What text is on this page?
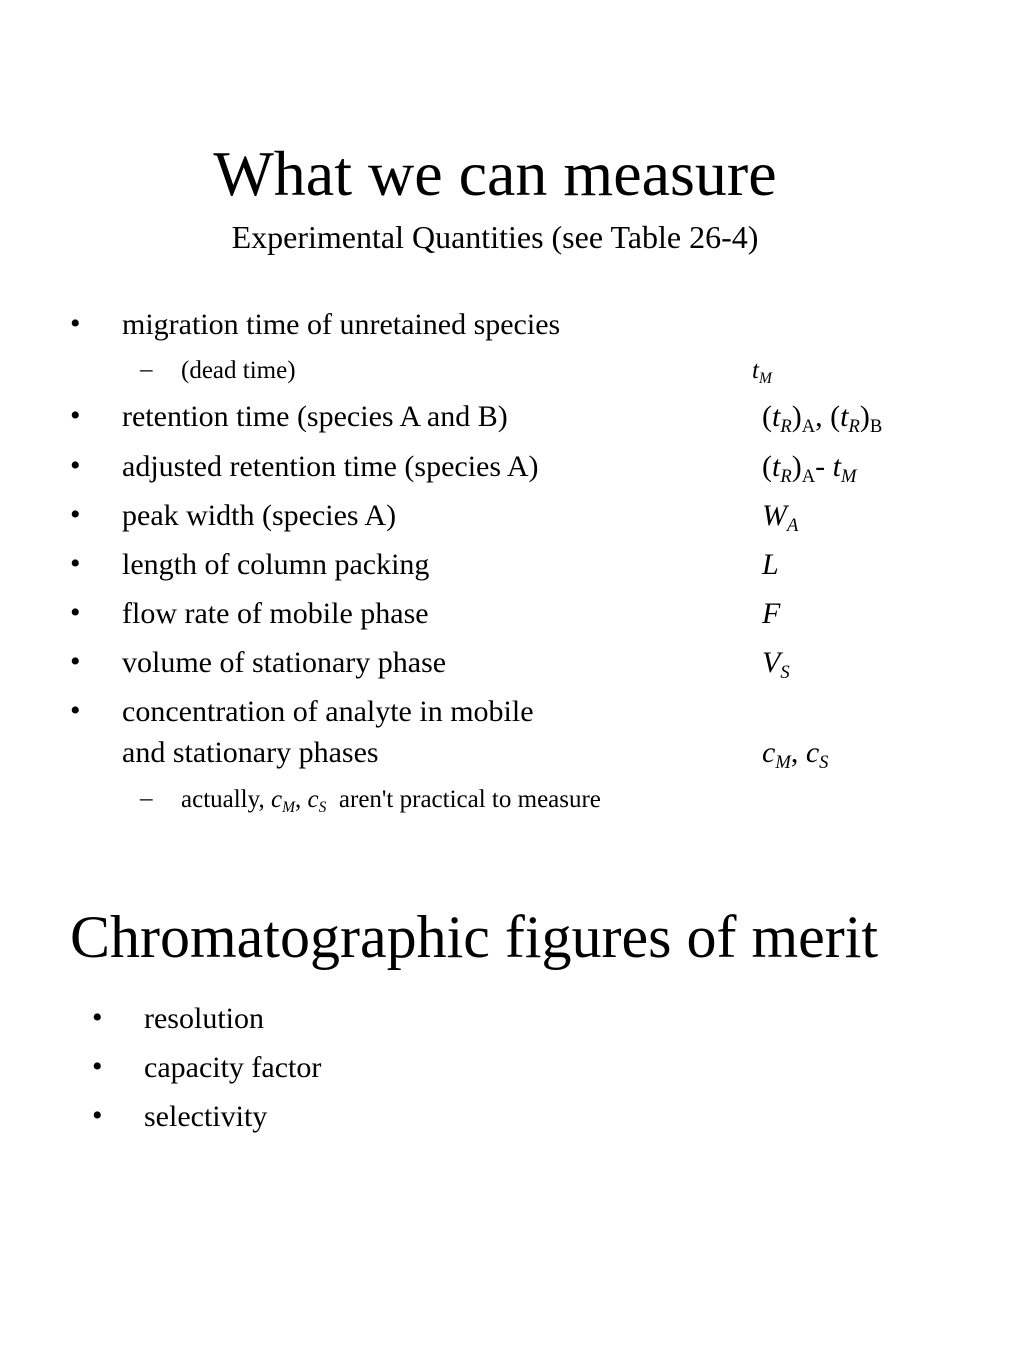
What we can measure
Experimental Quantities (see Table 26-4)
• migration time of unretained species
– (dead time)	$t_M$
• retention time (species A and B)	$(t_R)_A$, $(t_R)_B$
• adjusted retention time (species A)	$(t_R)_A-$ $t_M$
• peak width (species A)	$W_A$
• length of column packing	L
• flow rate of mobile phase	F
• volume of stationary phase	$V_S$
• concentration of analyte in mobile
and stationary phases	$c_M$, $c_S$
– actually, $c_M$, $c_S$ aren't practical to measure
Chromatographic figures of merit
• resolution
• capacity factor
• selectivity
